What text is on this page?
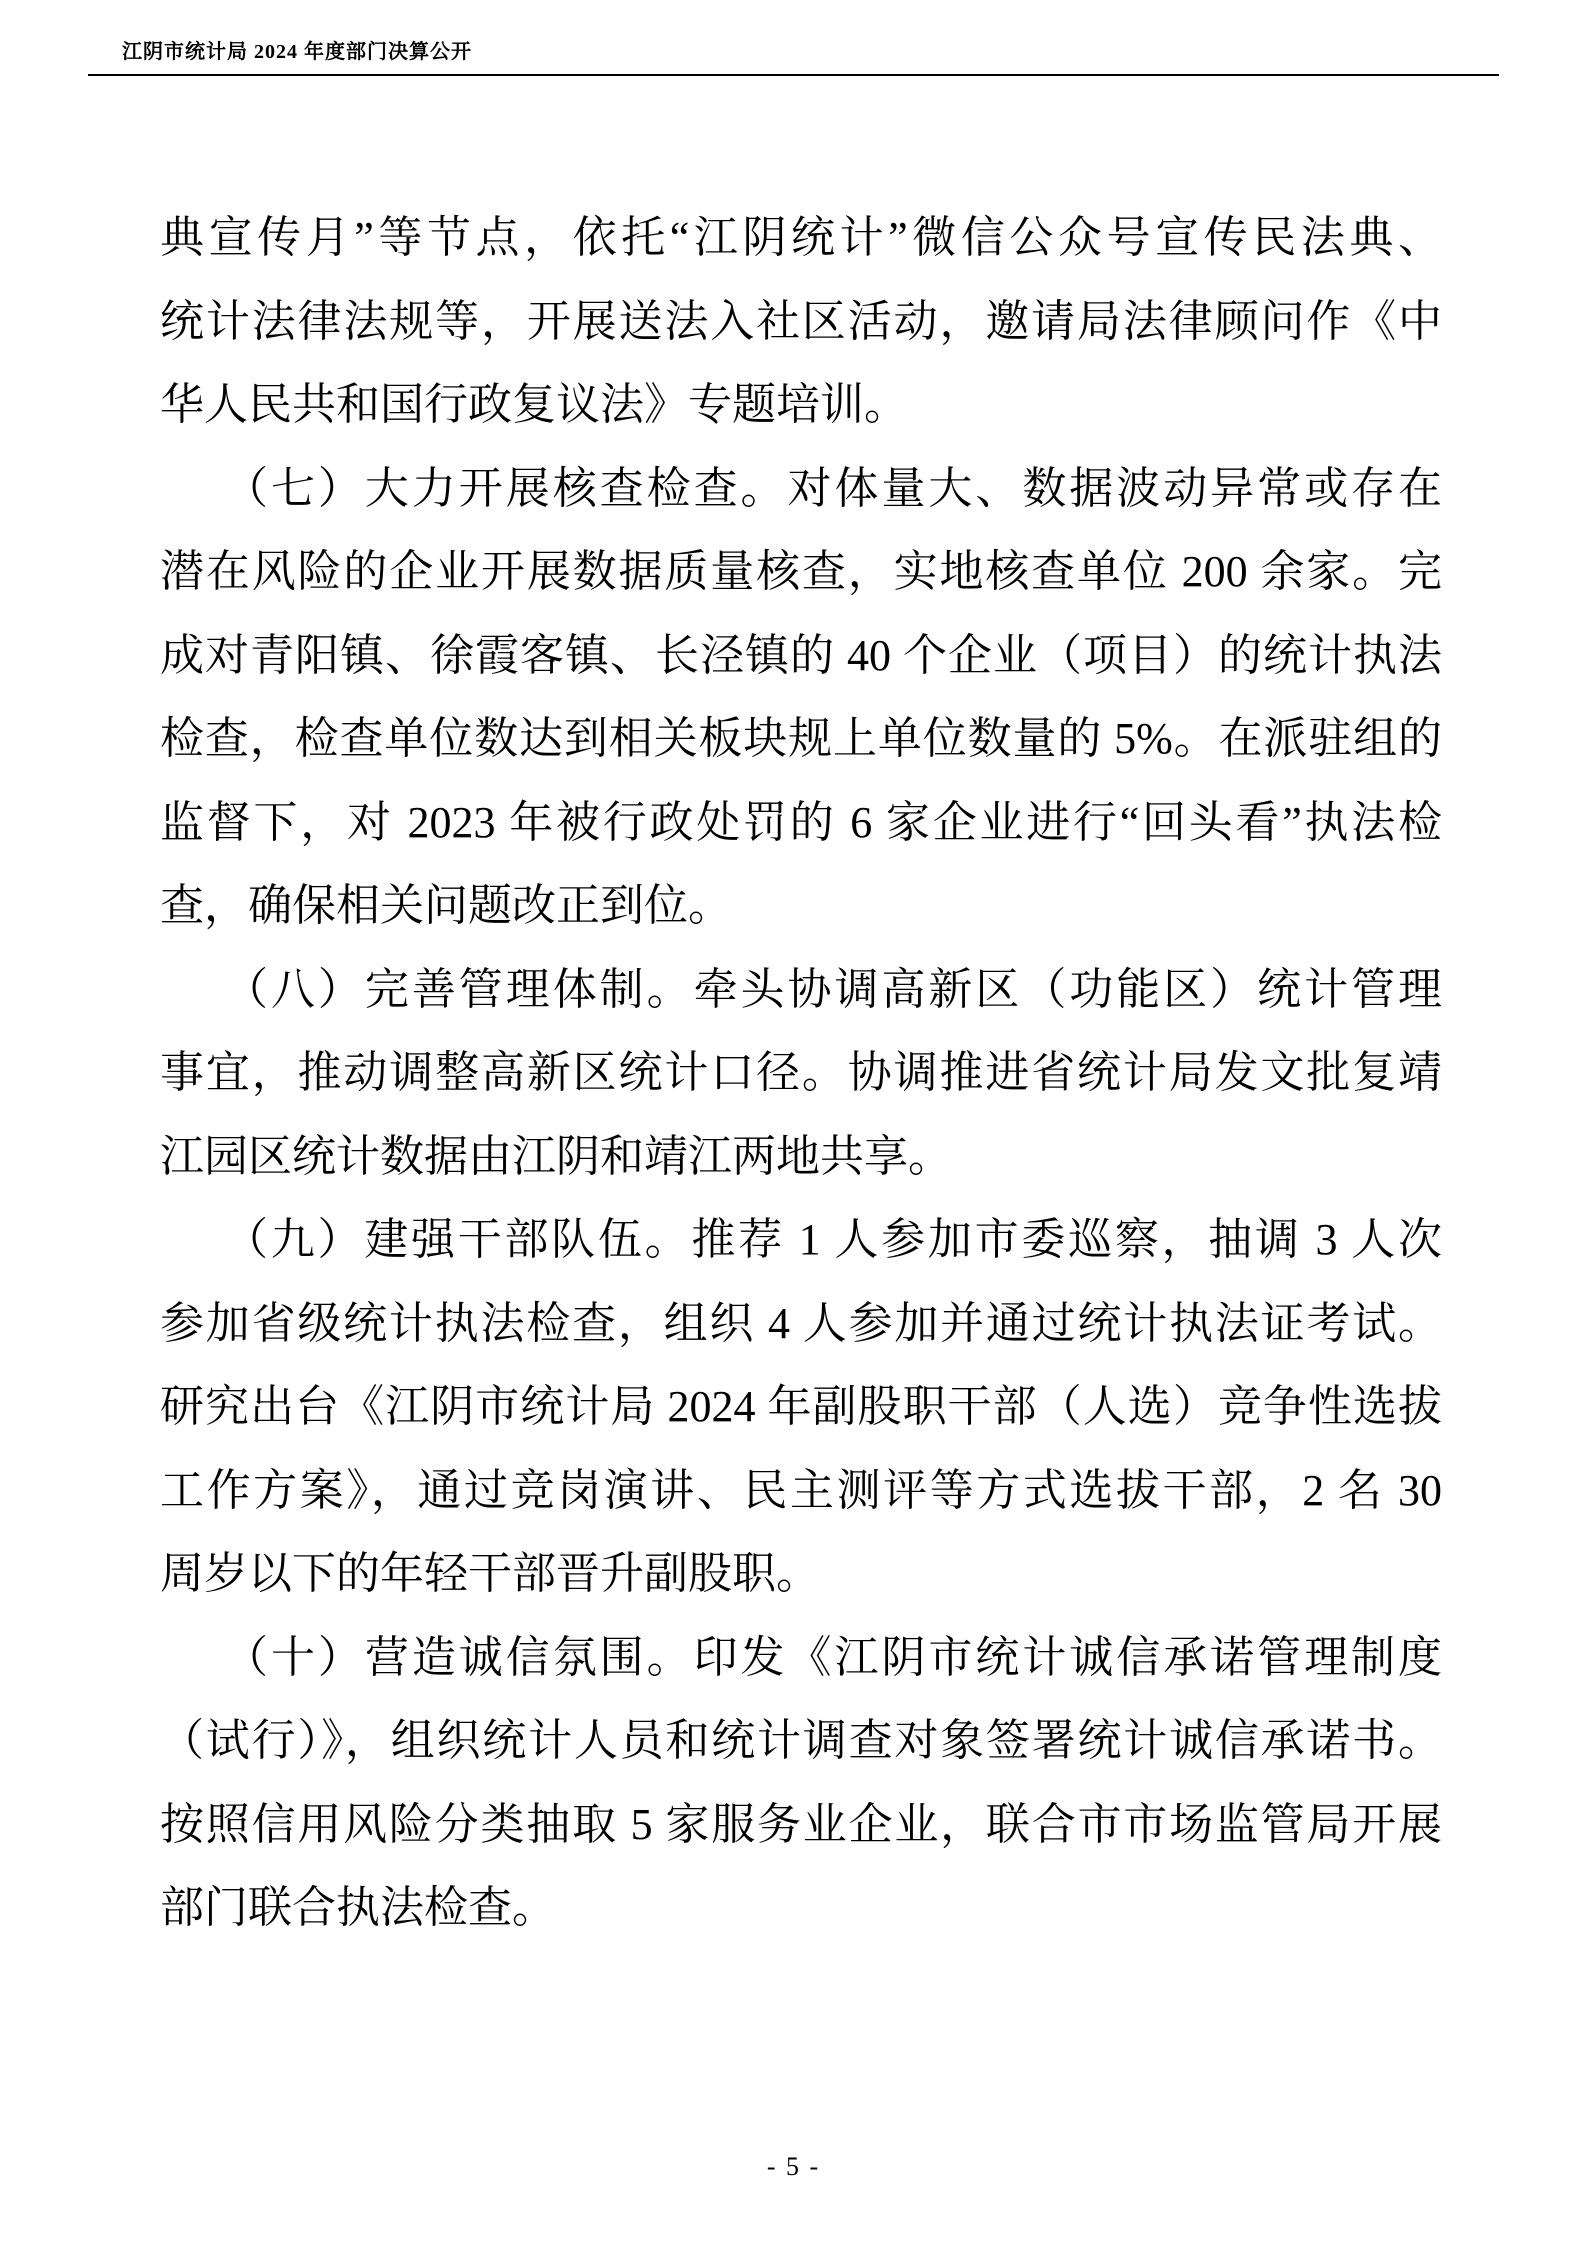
江阴市统计局 2024 年度部门决算公开
典宣传月”等节点，依托“江阴统计”微信公众号宣传民法典、
统计法律法规等，开展送法入社区活动，邀请局法律顾问作《中
华人民共和国行政复议法》专题培训。
（七）大力开展核查检查。对体量大、数据波动异常或存在
潜在风险的企业开展数据质量核查，实地核查单位 200 余家。完
成对青阳镇、徐霞客镇、长泾镇的 40 个企业（项目）的统计执法
检查，检查单位数达到相关板块规上单位数量的 5%。在派驻组的
监督下，对 2023 年被行政处罚的 6 家企业进行“回头看”执法检
查，确保相关问题改正到位。
（八）完善管理体制。牵头协调高新区（功能区）统计管理
事宜，推动调整高新区统计口径。协调推进省统计局发文批复靖
江园区统计数据由江阴和靖江两地共享。
（九）建强干部队伍。推荐 1 人参加市委巡察，抽调 3 人次
参加省级统计执法检查，组织 4 人参加并通过统计执法证考试。
研究出台《江阴市统计局 2024 年副股职干部（人选）竞争性选拔
工作方案》，通过竞岗演讲、民主测评等方式选拔干部，2 名 30
周岁以下的年轻干部晋升副股职。
（十）营造诚信氛围。印发《江阴市统计诚信承诺管理制度
（试行）》，组织统计人员和统计调查对象签署统计诚信承诺书。
按照信用风险分类抽取 5 家服务业企业，联合市市场监管局开展
部门联合执法检查。
- 5 -
